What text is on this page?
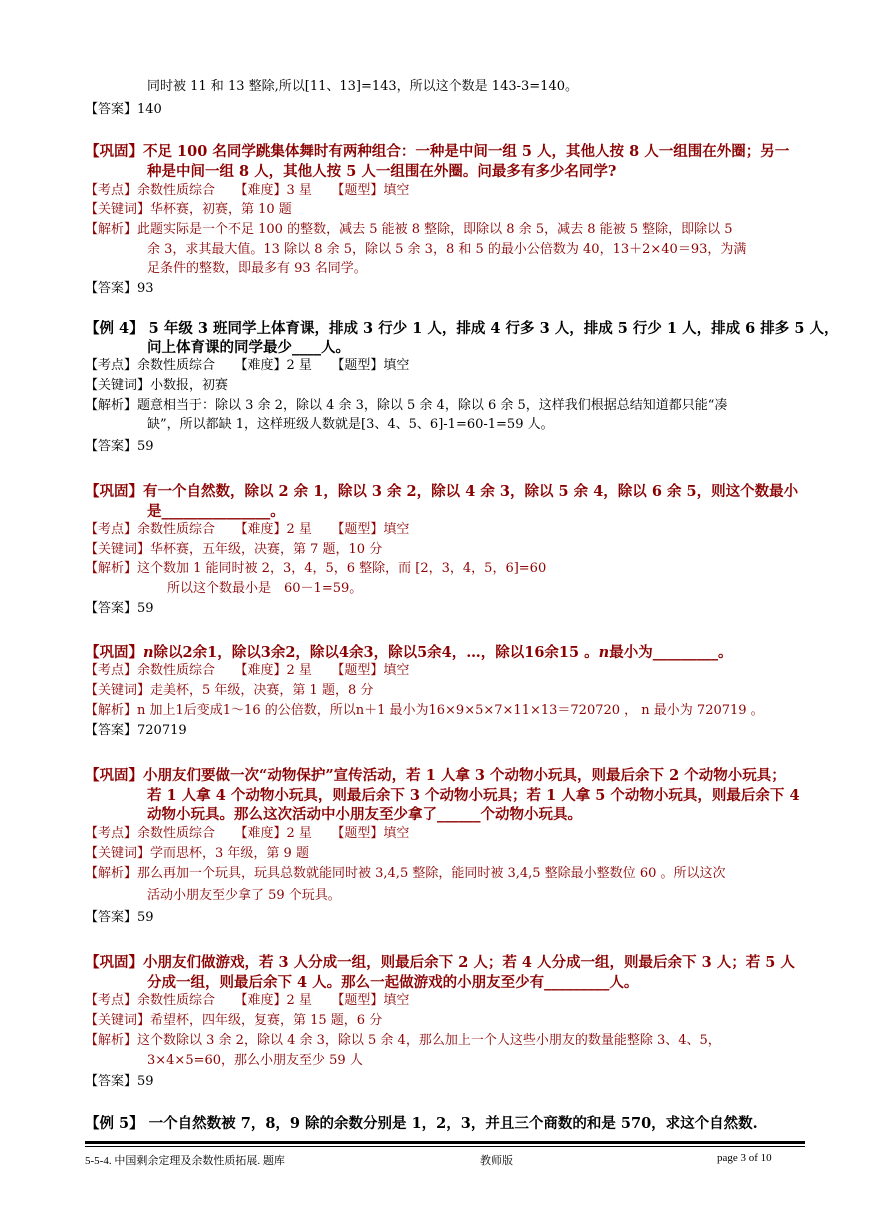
同时被 11 和 13 整除,所以[11、13]=143，所以这个数是 143-3=140。
【答案】140
【巩固】不足 100 名同学跳集体舞时有两种组合：一种是中间一组 5 人，其他人按 8 人一组围在外圈；另一
种是中间一组 8 人，其他人按 5 人一组围在外圈。问最多有多少名同学?
【考点】余数性质综合　　【难度】3 星　　【题型】填空
【关键词】华杯赛，初赛，第 10 题
【解析】此题实际是一个不足 100 的整数，减去 5 能被 8 整除，即除以 8 余 5，减去 8 能被 5 整除，即除以 5
余 3，求其最大值。13 除以 8 余 5，除以 5 余 3，8 和 5 的最小公倍数为 40，13＋2×40＝93，为满
足条件的整数，即最多有 93 名同学。
【答案】93
【例 4】 5 年级 3 班同学上体育课，排成 3 行少 1 人，排成 4 行多 3 人，排成 5 行少 1 人，排成 6 排多 5 人，
问上体育课的同学最少____人。
【考点】余数性质综合　　【难度】2 星　　【题型】填空
【关键词】小数报，初赛
【解析】题意相当于：除以 3 余 2，除以 4 余 3，除以 5 余 4，除以 6 余 5，这样我们根据总结知道都只能“凑
缺”，所以都缺 1，这样班级人数就是[3、4、5、6]-1=60-1=59 人。
【答案】59
【巩固】有一个自然数，除以 2 余 1，除以 3 余 2，除以 4 余 3，除以 5 余 4，除以 6 余 5，则这个数最小
是_______________。
【考点】余数性质综合　　【难度】2 星　　【题型】填空
【关键词】华杯赛，五年级，决赛，第 7 题，10 分
【解析】这个数加 1 能同时被 2，3，4，5，6 整除，而 [2，3，4，5，6]=60
所以这个数最小是　60－1=59。
【答案】59
【巩固】n除以2余1，除以3余2，除以4余3，除以5余4，…，除以16余15 。n最小为_________。
【考点】余数性质综合　　【难度】2 星　　【题型】填空
【关键词】走美杯，5 年级，决赛，第 1 题，8 分
【解析】n 加上1后变成1～16 的公倍数，所以n＋1 最小为16×9×5×7×11×13＝720720 ， n 最小为 720719 。
【答案】720719
【巩固】小朋友们要做一次“动物保护”宣传活动，若 1 人拿 3 个动物小玩具，则最后余下 2 个动物小玩具；
若 1 人拿 4 个动物小玩具，则最后余下 3 个动物小玩具；若 1 人拿 5 个动物小玩具，则最后余下 4
动物小玩具。那么这次活动中小朋友至少拿了______个动物小玩具。
【考点】余数性质综合　　【难度】2 星　　【题型】填空
【关键词】学而思杯，3 年级，第 9 题
【解析】那么再加一个玩具，玩具总数就能同时被 3,4,5 整除，能同时被 3,4,5 整除最小整数位 60 。所以这次
活动小朋友至少拿了 59 个玩具。
【答案】59
【巩固】小朋友们做游戏，若 3 人分成一组，则最后余下 2 人；若 4 人分成一组，则最后余下 3 人；若 5 人
分成一组，则最后余下 4 人。那么一起做游戏的小朋友至少有_________人。
【考点】余数性质综合　　【难度】2 星　　【题型】填空
【关键词】希望杯，四年级，复赛，第 15 题，6 分
【解析】这个数除以 3 余 2，除以 4 余 3，除以 5 余 4，那么加上一个人这些小朋友的数量能整除 3、4、5，
3×4×5=60，那么小朋友至少 59 人
【答案】59
【例 5】 一个自然数被 7，8，9 除的余数分别是 1，2，3，并且三个商数的和是 570，求这个自然数.
5-5-4. 中国剩余定理及余数性质拓展. 题库	教师版	page 3 of 10
